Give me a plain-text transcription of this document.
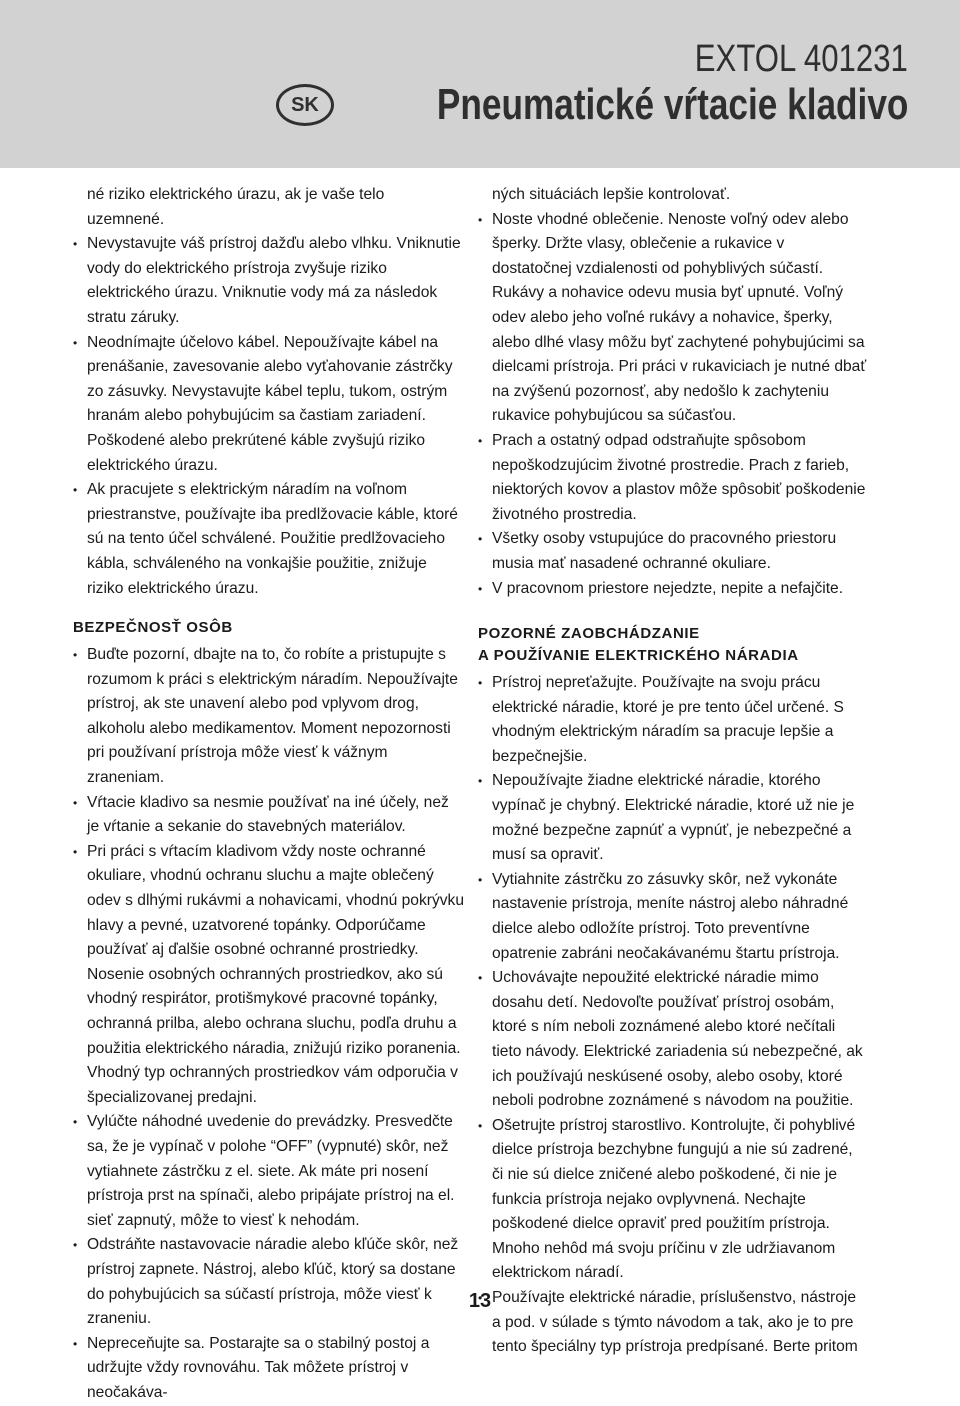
SK
EXTOL 401231
Pneumatické vŕtacie kladivo

né riziko elektrického úrazu, ak je vaše telo uzemnené.

• Nevystavujte váš prístroj dažďu alebo vlhku. Vniknutie vody do elektrického prístroja zvyšuje riziko elektrického úrazu. Vniknutie vody má za následok stratu záruky.
• Neodnímajte účelovo kábel. Nepoužívajte kábel na prenášanie, zavesovanie alebo vyťahovanie zástrčky zo zásuvky. Nevystavujte kábel teplu, tukom, ostrým hranám alebo pohybujúcim sa častiam zariadení. Poškodené alebo prekrútené káble zvyšujú riziko elektrického úrazu.
• Ak pracujete s elektrickým náradím na voľnom priestranstve, používajte iba predlžovacie káble, ktoré sú na tento účel schválené. Použitie predlžovacieho kábla, schváleného na vonkajšie použitie, znižuje riziko elektrického úrazu.
BEZPEČNOSŤ OSÔB
• Buďte pozorní, dbajte na to, čo robíte a pristupujte s rozumom k práci s elektrickým náradím. Nepoužívajte prístroj, ak ste unavení alebo pod vplyvom drog, alkoholu alebo medikamentov. Moment nepozornosti pri používaní prístroja môže viesť k vážnym zraneniam.
• Vŕtacie kladivo sa nesmie používať na iné účely, než je vŕtanie a sekanie do stavebných materiálov.
• Pri práci s vŕtacím kladivom vždy noste ochranné okuliare, vhodnú ochranu sluchu a majte oblečený odev s dlhými rukávmi a nohavicami, vhodnú pokrývku hlavy a pevné, uzatvorené topánky. Odporúčame používať aj ďalšie osobné ochranné prostriedky. Nosenie osobných ochranných prostriedkov, ako sú vhodný respirátor, protišmykové pracovné topánky, ochranná prilba, alebo ochrana sluchu, podľa druhu a použitia elektrického náradia, znižujú riziko poranenia. Vhodný typ ochranných prostriedkov vám odporučia v špecializovanej predajni.
• Vylúčte náhodné uvedenie do prevádzky. Presvedčte sa, že je vypínač v polohe “OFF” (vypnuté) skôr, než vytiahnete zástrčku z el. siete. Ak máte pri nosení prístroja prst na spínači, alebo pripájate prístroj na el. sieť zapnutý, môže to viesť k nehodám.
• Odstráňte nastavovacie náradie alebo kľúče skôr, než prístroj zapnete. Nástroj, alebo kľúč, ktorý sa dostane do pohybujúcich sa súčastí prístroja, môže viesť k zraneniu.
• Nepreceňujte sa. Postarajte sa o stabilný postoj a udržujte vždy rovnováhu. Tak môžete prístroj v neočakáva-

ných situáciách lepšie kontrolovať.

• Noste vhodné oblečenie. Nenoste voľný odev alebo šperky. Držte vlasy, oblečenie a rukavice v dostatočnej vzdialenosti od pohyblivých súčastí. Rukávy a nohavice odevu musia byť upnuté. Voľný odev alebo jeho voľné rukávy a nohavice, šperky, alebo dlhé vlasy môžu byť zachytené pohybujúcimi sa dielcami prístroja. Pri práci v rukaviciach je nutné dbať na zvýšenú pozornosť, aby nedošlo k zachyteniu rukavice pohybujúcou sa súčasťou.
• Prach a ostatný odpad odstraňujte spôsobom nepoškodzujúcim životné prostredie. Prach z farieb, niektorých kovov a plastov môže spôsobiť poškodenie životného prostredia.
• Všetky osoby vstupujúce do pracovného priestoru musia mať nasadené ochranné okuliare.
• V pracovnom priestore nejedzte, nepite a nefajčite.
POZORNÉ ZAOBCHÁDZANIE
A POUŽÍVANIE ELEKTRICKÉHO NÁRADIA
• Prístroj nepreťažujte. Používajte na svoju prácu elektrické náradie, ktoré je pre tento účel určené. S vhodným elektrickým náradím sa pracuje lepšie a bezpečnejšie.
• Nepoužívajte žiadne elektrické náradie, ktorého vypínač je chybný. Elektrické náradie, ktoré už nie je možné bezpečne zapnúť a vypnúť, je nebezpečné a musí sa opraviť.
• Vytiahnite zástrčku zo zásuvky skôr, než vykonáte nastavenie prístroja, meníte nástroj alebo náhradné dielce alebo odložíte prístroj. Toto preventívne opatrenie zabráni neočakávanému štartu prístroja.
• Uchovávajte nepoužité elektrické náradie mimo dosahu detí. Nedovoľte používať prístroj osobám, ktoré s ním neboli zoznámené alebo ktoré nečítali tieto návody. Elektrické zariadenia sú nebezpečné, ak ich používajú neskúsené osoby, alebo osoby, ktoré neboli podrobne zoznámené s návodom na použitie.
• Ošetrujte prístroj starostlivo. Kontrolujte, či pohyblivé dielce prístroja bezchybne fungujú a nie sú zadrené, či nie sú dielce zničené alebo poškodené, či nie je funkcia prístroja nejako ovplyvnená. Nechajte poškodené dielce opraviť pred použitím prístroja. Mnoho nehôd má svoju príčinu v zle udržiavanom elektrickom náradí.
• Používajte elektrické náradie, príslušenstvo, nástroje a pod. v súlade s týmto návodom a tak, ako je to pre tento špeciálny typ prístroja predpísané. Berte pritom
13
